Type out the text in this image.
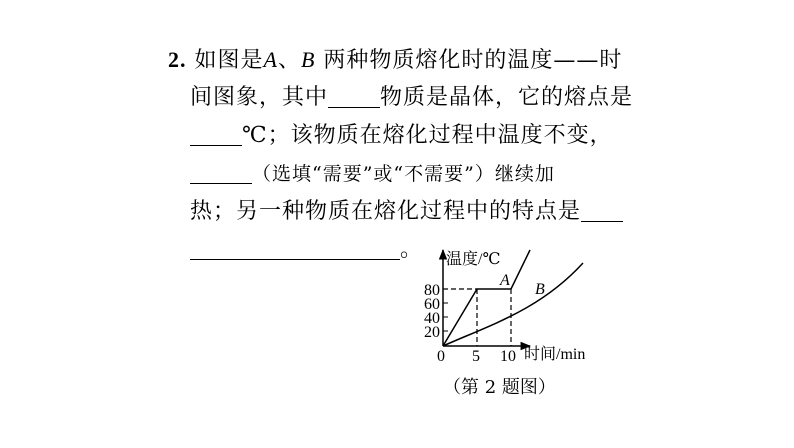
2. 如图是A、B 两种物质熔化时的温度——时
间图象，其中 物质是晶体，它的熔点是
℃；该物质在熔化过程中温度不变，
（选填“需要”或“不需要”）继续加
热；另一种物质在熔化过程中的特点是
。	温度/℃
时间/min
0 5 10
20
40
60
80
A
B
（第 2 题图）
